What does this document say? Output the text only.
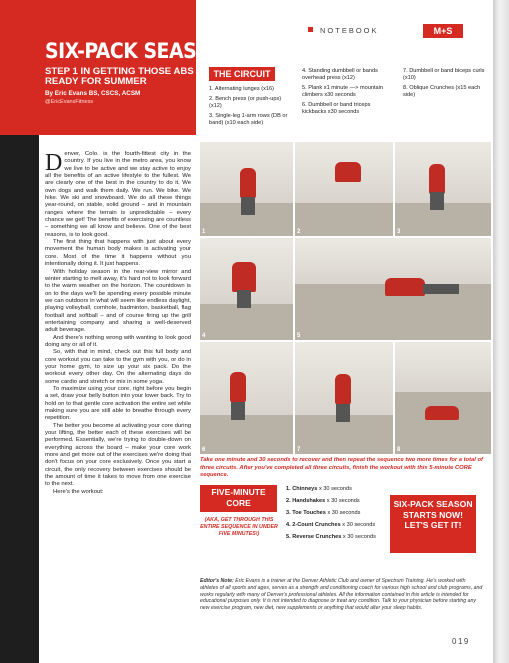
SIX-PACK SEASON!
STEP 1 IN GETTING THOSE ABS READY FOR SUMMER
By Eric Evans BS, CSCS, ACSM
@EricEvansFitness
NOTEBOOK	M+S

Denver, Colo. is the fourth-fittest city in the country. If you live in the metro area, you know we live to be active and we stay active to enjoy all the benefits of an active lifestyle to the fullest. We are clearly one of the best in the country to do it. We own dogs and walk them daily. We run. We bike. We hike. We ski and snowboard. We do all these things year-round, on stable, solid ground – and in mountain ranges where the terrain is unpredictable – every chance we get! The benefits of exercising are countless – something we all know and believe. One of the best reasons, is to look good.

The first thing that happens with just about every movement the human body makes is activating your core. Most of the time it happens without you intentionally doing it. It just happens.

With holiday season in the rear-view mirror and winter starting to melt away, it's hard not to look forward to the warm weather on the horizon. The countdown is on to the days we'll be spending every possible minute we can outdoors in what will seem like endless daylight, playing volleyball, cornhole, badminton, basketball, flag football and softball – and of course firing up the grill entertaining company and sharing a well-deserved adult beverage.

And there's nothing wrong with wanting to look good doing any or all of it.

So, with that in mind, check out this full body and core workout you can take to the gym with you, or do in your home gym, to size up your six pack. Do the workout every other day. On the alternating days do some cardio and stretch or mix in some yoga.

To maximize using your core, right before you begin a set, draw your belly button into your lower back. Try to hold on to that gentle core activation the entire set while making sure you are still able to breathe through every repetition.

The better you become at activating your core during your lifting, the better each of these exercises will be performed. Essentially, we're trying to double-down on everything across the board – make your core work more and get more out of the exercises we're doing that don't focus on your core exclusively. Once you start a circuit, the only recovery between exercises should be the amount of time it takes to move from one exercise to the next.

Here's the workout:

THE CIRCUIT
1. Alternating lunges (x16)
2. Bench press (or push-ups) (x12)
3. Single-leg 1-arm rows (DB or band) (x10 each side)
4. Standing dumbbell or bands overhead press (x12)
5. Plank x1 minute —> mountain climbers x30 seconds
6. Dumbbell or band triceps kickbacks x30 seconds
7. Dumbbell or band biceps curls (x10)
8. Oblique Crunches (x15 each side)
1	2	3
4	5
6	7	8
Take one minute and 30 seconds to recover and then repeat the sequence two more times for a total of three circuits. After you've completed all three circuits, finish the workout with this 5-minute CORE sequence.
FIVE-MINUTE CORE
(AKA, GET THROUGH THIS ENTIRE SEQUENCE IN UNDER FIVE MINUTES!)
1. Chinneys x 30 seconds
2. Handshakes x 30 seconds
3. Toe Touches x 30 seconds
4. 2-Count Crunches x 30 seconds
5. Reverse Crunches x 30 seconds
SIX-PACK SEASON STARTS NOW! LET'S GET IT!
Editor's Note: Eric Evans is a trainer at the Denver Athletic Club and owner of Spectrum Training. He's worked with athletes of all sports and ages, serves as a strength and conditioning coach for various high school and club programs, and works regularly with many of Denver's professional athletes. All the information contained in this article is intended for educational purposes only. It is not intended to diagnose or treat any condition. Talk to your physician before starting any new exercise program, new diet, new supplements or anything that would alter your sleep habits.
019
